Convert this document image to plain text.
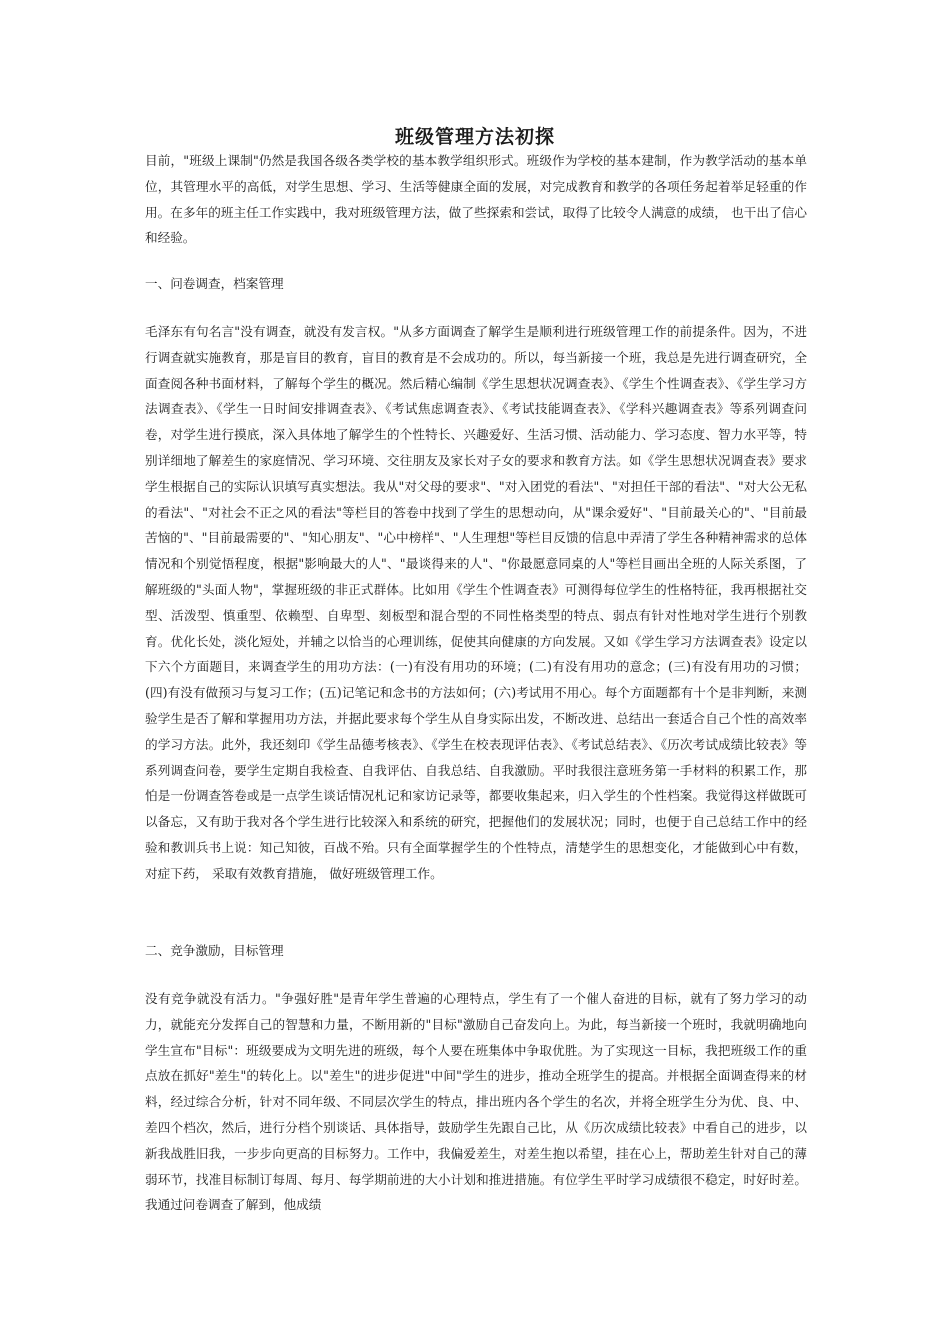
班级管理方法初探

目前，"班级上课制"仍然是我国各级各类学校的基本教学组织形式。班级作为学校的基本建制，作为教学活动的基本单位，其管理水平的高低，对学生思想、学习、生活等健康全面的发展，对完成教育和教学的各项任务起着举足轻重的作用。在多年的班主任工作实践中，我对班级管理方法，做了些探索和尝试，取得了比较令人满意的成绩， 也干出了信心和经验。

一、问卷调查，档案管理

毛泽东有句名言"没有调查，就没有发言权。"从多方面调查了解学生是顺利进行班级管理工作的前提条件。因为，不进行调查就实施教育，那是盲目的教育，盲目的教育是不会成功的。所以，每当新接一个班，我总是先进行调查研究，全面查阅各种书面材料，了解每个学生的概况。然后精心编制《学生思想状况调查表》、《学生个性调查表》、《学生学习方法调查表》、《学生一日时间安排调查表》、《考试焦虑调查表》、《考试技能调查表》、《学科兴趣调查表》等系列调查问卷，对学生进行摸底，深入具体地了解学生的个性特长、兴趣爱好、生活习惯、活动能力、学习态度、智力水平等，特别详细地了解差生的家庭情况、学习环境、交往朋友及家长对子女的要求和教育方法。如《学生思想状况调查表》要求学生根据自己的实际认识填写真实想法。我从"对父母的要求"、"对入团党的看法"、"对担任干部的看法"、"对大公无私的看法"、"对社会不正之风的看法"等栏目的答卷中找到了学生的思想动向，从"课余爱好"、"目前最关心的"、"目前最苦恼的"、"目前最需要的"、"知心朋友"、"心中榜样"、"人生理想"等栏目反馈的信息中弄清了学生各种精神需求的总体情况和个别觉悟程度，根据"影响最大的人"、"最谈得来的人"、"你最愿意同桌的人"等栏目画出全班的人际关系图，了解班级的"头面人物"，掌握班级的非正式群体。比如用《学生个性调查表》可测得每位学生的性格特征，我再根据社交型、活泼型、慎重型、依赖型、自卑型、刻板型和混合型的不同性格类型的特点、弱点有针对性地对学生进行个别教育。优化长处，淡化短处，并辅之以恰当的心理训练，促使其向健康的方向发展。又如《学生学习方法调查表》设定以下六个方面题目，来调查学生的用功方法：(一)有没有用功的环境；(二)有没有用功的意念；(三)有没有用功的习惯；(四)有没有做预习与复习工作；(五)记笔记和念书的方法如何；(六)考试用不用心。每个方面题都有十个是非判断，来测验学生是否了解和掌握用功方法，并据此要求每个学生从自身实际出发，不断改进、总结出一套适合自己个性的高效率的学习方法。此外，我还刻印《学生品德考核表》、《学生在校表现评估表》、《考试总结表》、《历次考试成绩比较表》等系列调查问卷，要学生定期自我检查、自我评估、自我总结、自我激励。平时我很注意班务第一手材料的积累工作，那怕是一份调查答卷或是一点学生谈话情况札记和家访记录等，都要收集起来，归入学生的个性档案。我觉得这样做既可以备忘，又有助于我对各个学生进行比较深入和系统的研究，把握他们的发展状况；同时，也便于自己总结工作中的经验和教训兵书上说：知己知彼，百战不殆。只有全面掌握学生的个性特点，清楚学生的思想变化，才能做到心中有数，对症下药， 采取有效教育措施， 做好班级管理工作。

二、竞争激励，目标管理

没有竞争就没有活力。"争强好胜"是青年学生普遍的心理特点，学生有了一个催人奋进的目标，就有了努力学习的动力，就能充分发挥自己的智慧和力量，不断用新的"目标"激励自己奋发向上。为此，每当新接一个班时，我就明确地向学生宣布"目标"：班级要成为文明先进的班级，每个人要在班集体中争取优胜。为了实现这一目标，我把班级工作的重点放在抓好"差生"的转化上。以"差生"的进步促进"中间"学生的进步，推动全班学生的提高。并根据全面调查得来的材料，经过综合分析，针对不同年级、不同层次学生的特点，排出班内各个学生的名次，并将全班学生分为优、良、中、差四个档次，然后，进行分档个别谈话、具体指导，鼓励学生先跟自己比，从《历次成绩比较表》中看自己的进步，以新我战胜旧我，一步步向更高的目标努力。工作中，我偏爱差生，对差生抱以希望，挂在心上，帮助差生针对自己的薄弱环节，找准目标制订每周、每月、每学期前进的大小计划和推进措施。有位学生平时学习成绩很不稳定，时好时差。我通过问卷调查了解到，他成绩
